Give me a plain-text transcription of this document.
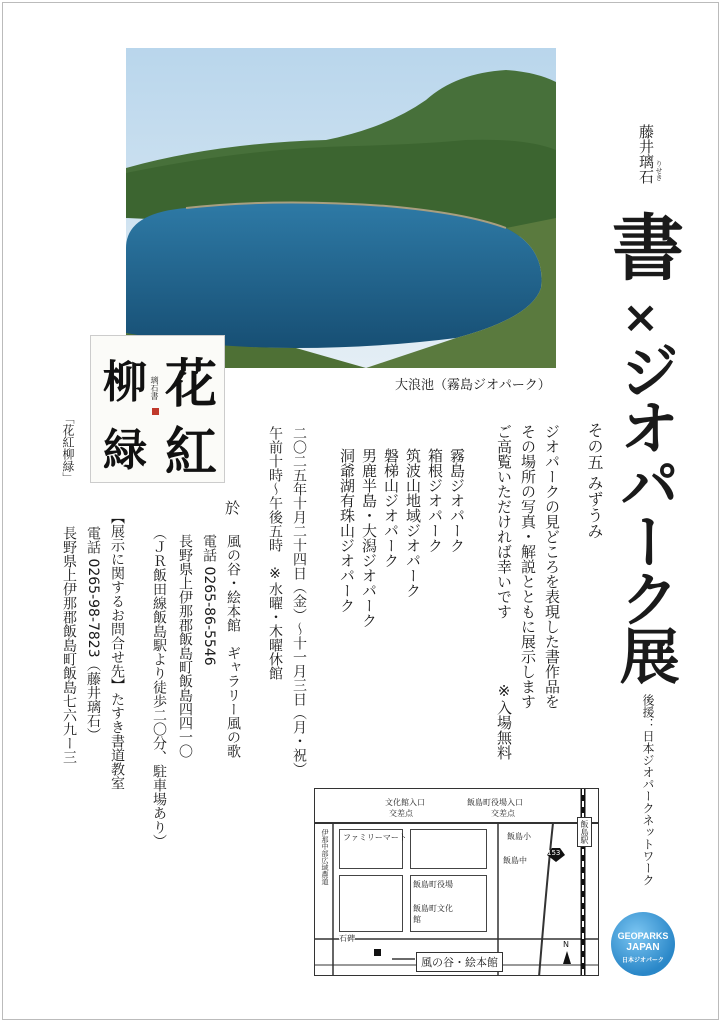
大浪池（霧島ジオパーク）
藤井璃石 りせき
書
×
ジオパーク展
その五 みずうみ
ジオパークの見どころを表現した書作品を
その場所の写真・解説とともに展示します
ご高覧いただければ幸いです
※入場無料
霧島ジオパーク
箱根ジオパーク
筑波山地域ジオパーク
磐梯山ジオパーク
男鹿半島・大潟ジオパーク
洞爺湖有珠山ジオパーク
二〇二五年十月二十四日（金）～十一月三日（月・祝）
午前十時～午後五時　※水曜・木曜休館
花
紅
柳
緑
璃石書
「花紅柳緑」
於
風の谷・絵本館　ギャラリー風の歌
電話 0265-86-5546
長野県上伊那郡飯島町飯島四四一〇
（ＪＲ飯田線飯島駅より徒歩二〇分、駐車場あり）
【展示に関するお問合せ先】たすき書道教室
電話 0265-98-7823（藤井璃石）
長野県上伊那郡飯島町飯島七六九ー三
後援：日本ジオパークネットワーク
文化館入口
交差点
飯島町役場入口
交差点
飯島駅
153
ファミリーマート
伊那中部広域農道	飯島小
飯島中
飯島町役場
飯島町文化館
石碑
風の谷・絵本館
N
GEOPARKS
JAPAN
日本ジオパーク
